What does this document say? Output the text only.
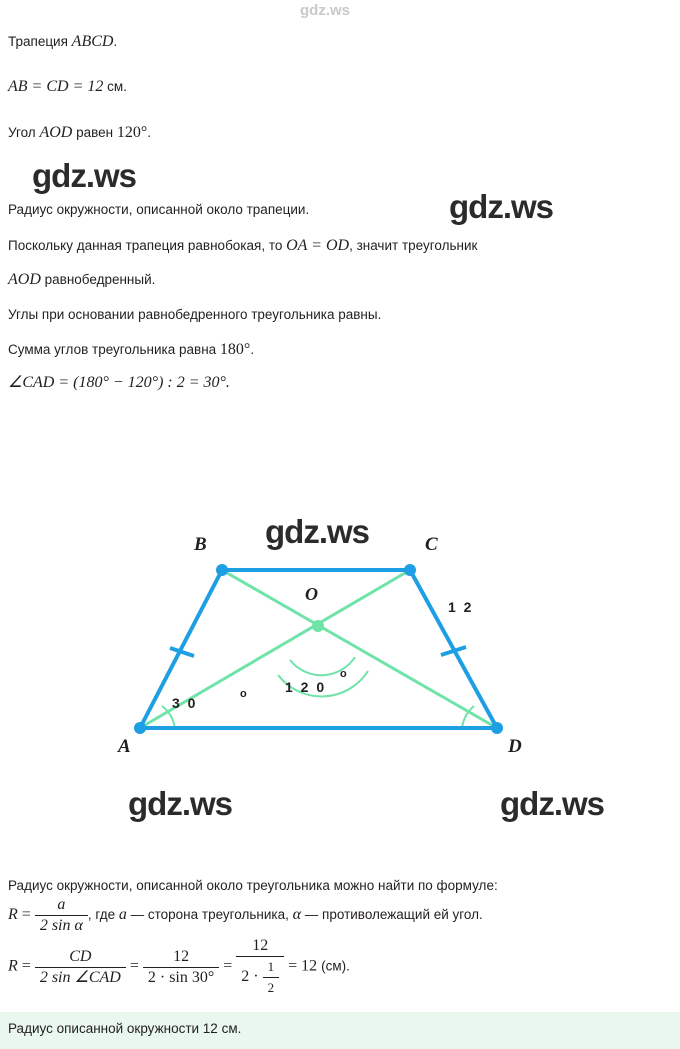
gdz.ws
Трапеция ABCD.
AB = CD = 12 см.
Угол AOD равен 120°.
Радиус окружности, описанной около трапеции.
Поскольку данная трапеция равнобокая, то OA = OD, значит треугольник
AOD равнобедренный.
Углы при основании равнобедренного треугольника равны.
Сумма углов треугольника равна 180°.
∠CAD = (180° − 120°) : 2 = 30°.
gdz.ws
gdz.ws
gdz.ws
gdz.ws	gdz.ws
B	C
A	D
O
1 2
3 0
o	1 2 0
o
Радиус окружности, описанной около треугольника можно найти по формуле:
$R = \frac{a}{\text{2 sin α}}$ , где a — сторона треугольника, α — противолежащий ей угол.
$R = \frac{CD}{\text{2 sin ∠CAD}} = \frac{12}{2 \cdot \sin 30^\circ} = \frac{12}{2 \cdot \frac{1}{2}} = 12$ (см).
Радиус описанной окружности 12 см.
